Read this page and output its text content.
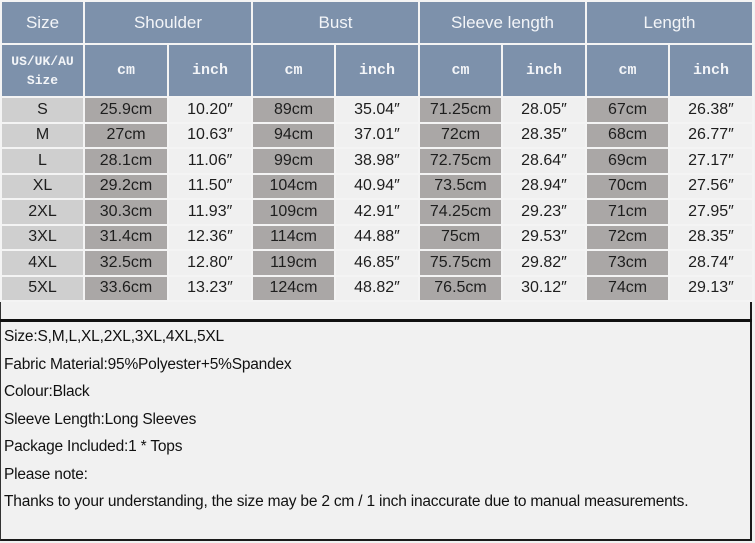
Size	Shoulder		Bust		Sleeve length		Length	
US/UK/AU
Size	cm	inch	cm	inch	cm	inch	cm	inch
S	25.9cm	10.20″	89cm	35.04″	71.25cm	28.05″	67cm	26.38″
M	27cm	10.63″	94cm	37.01″	72cm	28.35″	68cm	26.77″
L	28.1cm	11.06″	99cm	38.98″	72.75cm	28.64″	69cm	27.17″
XL	29.2cm	11.50″	104cm	40.94″	73.5cm	28.94″	70cm	27.56″
2XL	30.3cm	11.93″	109cm	42.91″	74.25cm	29.23″	71cm	27.95″
3XL	31.4cm	12.36″	114cm	44.88″	75cm	29.53″	72cm	28.35″
4XL	32.5cm	12.80″	119cm	46.85″	75.75cm	29.82″	73cm	28.74″
5XL	33.6cm	13.23″	124cm	48.82″	76.5cm	30.12″	74cm	29.13″
Size:S,M,L,XL,2XL,3XL,4XL,5XL
Fabric Material:95%Polyester+5%Spandex
Colour:Black
Sleeve Length:Long Sleeves
Package Included:1 * Tops
Please note:
Thanks to your understanding, the size may be 2 cm / 1 inch inaccurate due to manual measurements.
